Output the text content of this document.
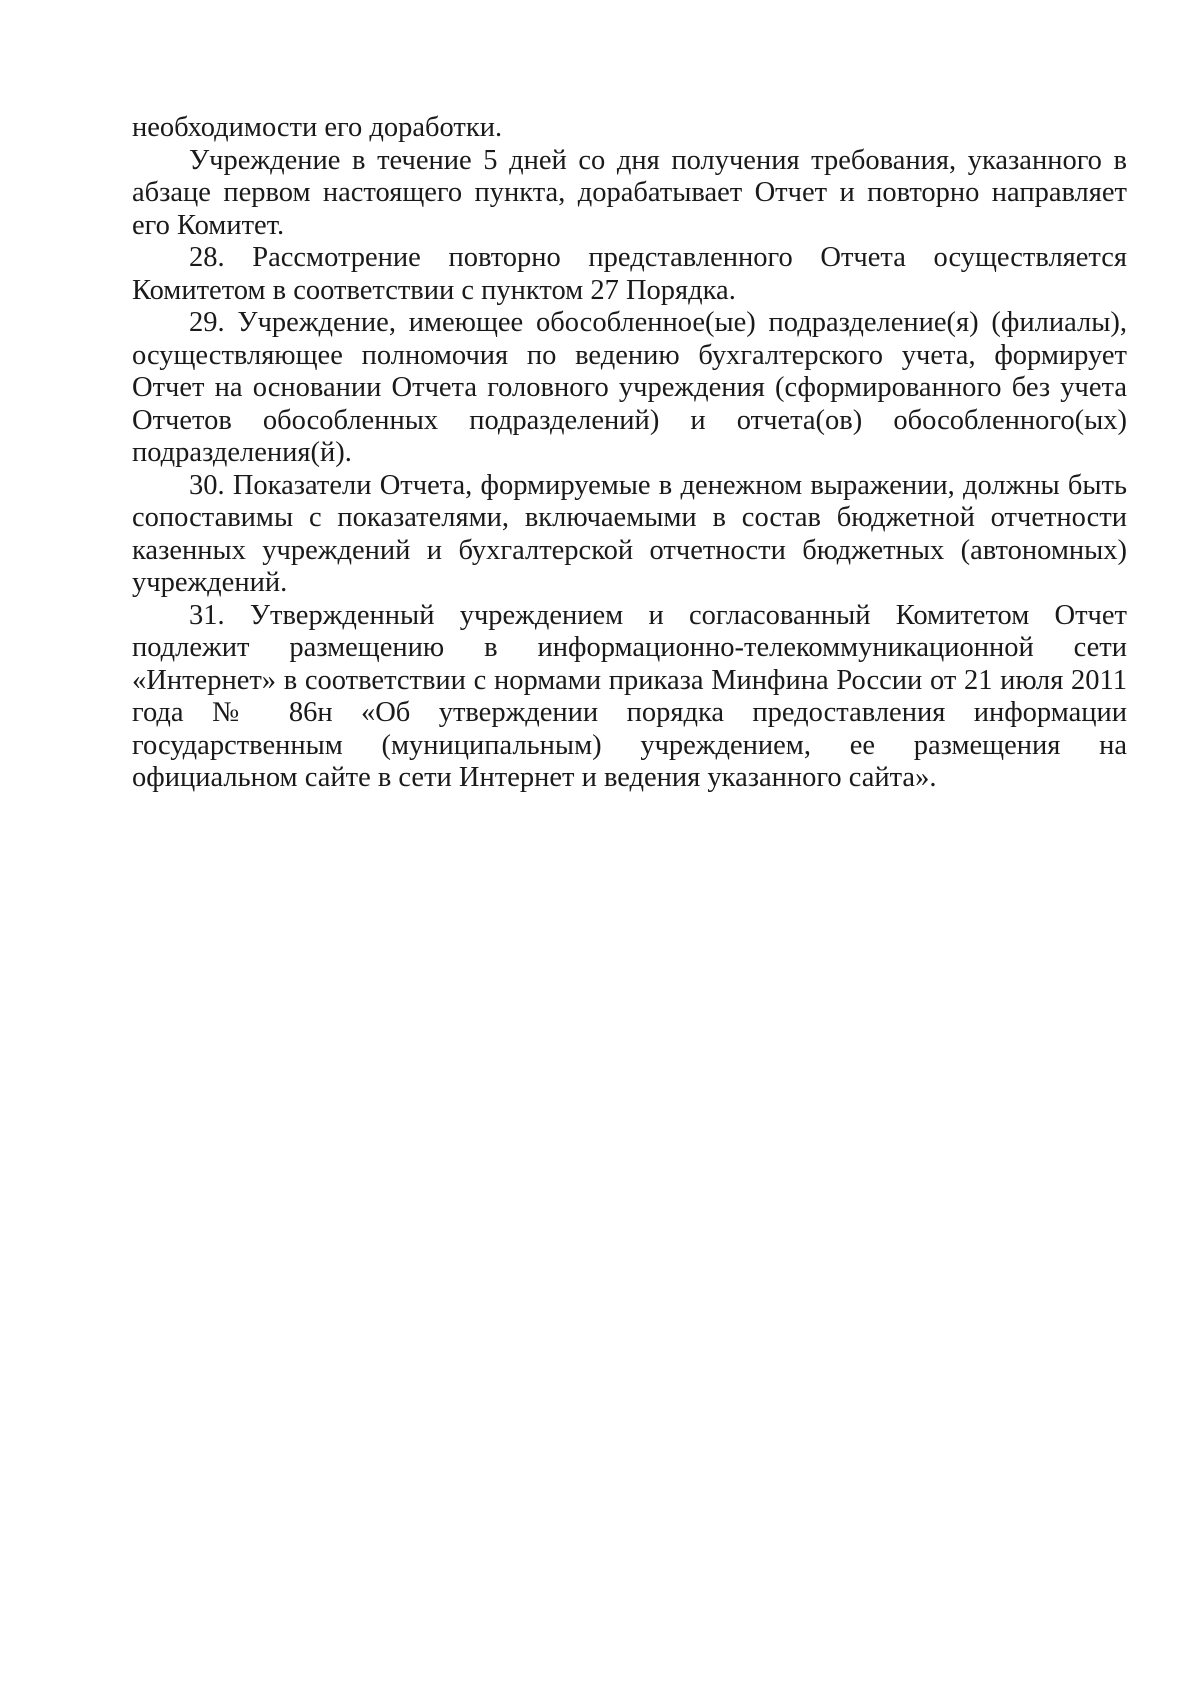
необходимости его доработки.

Учреждение в течение 5 дней со дня получения требования, указанного в абзаце первом настоящего пункта, дорабатывает Отчет и повторно направляет его Комитет.

28. Рассмотрение повторно представленного Отчета осуществляется Комитетом в соответствии с пунктом 27 Порядка.

29. Учреждение, имеющее обособленное(ые) подразделение(я) (филиалы), осуществляющее полномочия по ведению бухгалтерского учета, формирует Отчет на основании Отчета головного учреждения (сформированного без учета Отчетов обособленных подразделений) и отчета(ов) обособленного(ых) подразделения(й).

30. Показатели Отчета, формируемые в денежном выражении, должны быть сопоставимы с показателями, включаемыми в состав бюджетной отчетности казенных учреждений и бухгалтерской отчетности бюджетных (автономных) учреждений.

31. Утвержденный учреждением и согласованный Комитетом Отчет подлежит размещению в информационно-телекоммуникационной сети «Интернет» в соответствии с нормами приказа Минфина России от 21 июля 2011 года № 86н «Об утверждении порядка предоставления информации государственным (муниципальным) учреждением, ее размещения на официальном сайте в сети Интернет и ведения указанного сайта».
